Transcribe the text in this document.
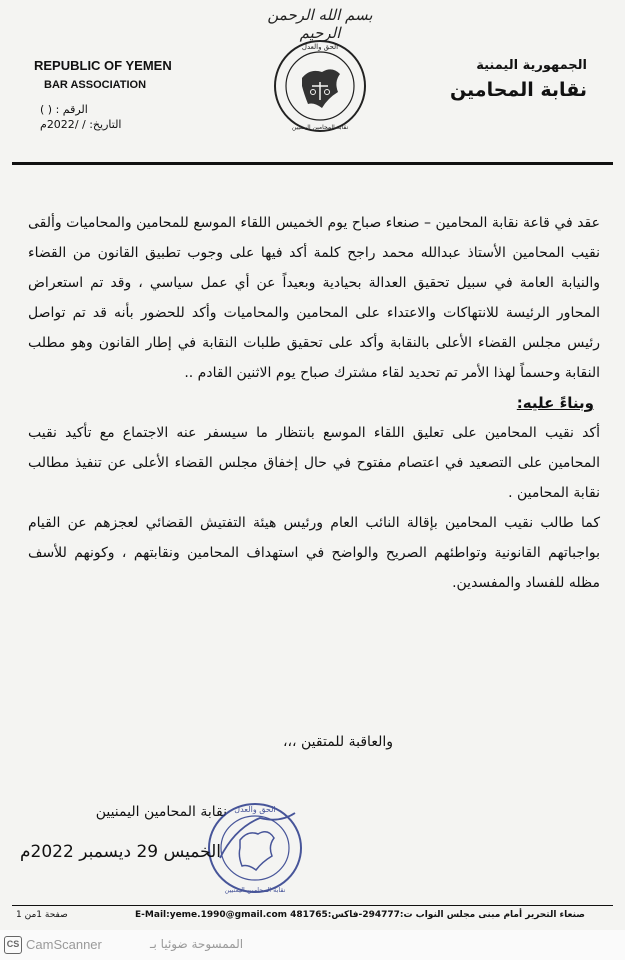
بسم الله الرحمن الرحيم
REPUBLIC OF YEMEN
BAR ASSOCIATION
الرقم : ( )
التاريخ: / /2022م
الحق والعدل
نقابة المحامين اليمنيين
الجمهورية اليمنية
نقابة المحامين

عقد في قاعة نقابة المحامين – صنعاء صباح يوم الخميس اللقاء الموسع للمحامين والمحاميات وألقى نقيب المحامين الأستاذ عبدالله محمد راجح كلمة أكد فيها على وجوب تطبيق القانون من القضاء والنيابة العامة في سبيل تحقيق العدالة بحيادية وبعيداً عن أي عمل سياسي ، وقد تم استعراض المحاور الرئيسة للانتهاكات والاعتداء على المحامين والمحاميات وأكد للحضور بأنه قد تم تواصل رئيس مجلس القضاء الأعلى بالنقابة وأكد على تحقيق طلبات النقابة في إطار القانون وهو مطلب النقابة وحسماً لهذا الأمر تم تحديد لقاء مشترك صباح يوم الاثنين القادم ..

وبناءً عليه:

أكد نقيب المحامين على تعليق اللقاء الموسع بانتظار ما سيسفر عنه الاجتماع مع تأكيد نقيب المحامين على التصعيد في اعتصام مفتوح في حال إخفاق مجلس القضاء الأعلى عن تنفيذ مطالب نقابة المحامين .

كما طالب نقيب المحامين بإقالة النائب العام ورئيس هيئة التفتيش القضائي لعجزهم عن القيام بواجباتهم القانونية وتواطئهم الصريح والواضح في استهداف المحامين ونقابتهم ، وكونهم للأسف مظله للفساد والمفسدين.

والعاقبة للمتقين ،،،
نقابة المحامين اليمنيين الحق والعدل
نقابة المحامين اليمنيين
الخميس 29 ديسمبر 2022م
صفحة 1من 1	صنعاء التحرير أمام مبنى مجلس النواب ت:294777-فاكس:481765 E-Mail:yeme.1990@gmail.com
CS CamScanner	الممسوحة ضوئيا بـ
